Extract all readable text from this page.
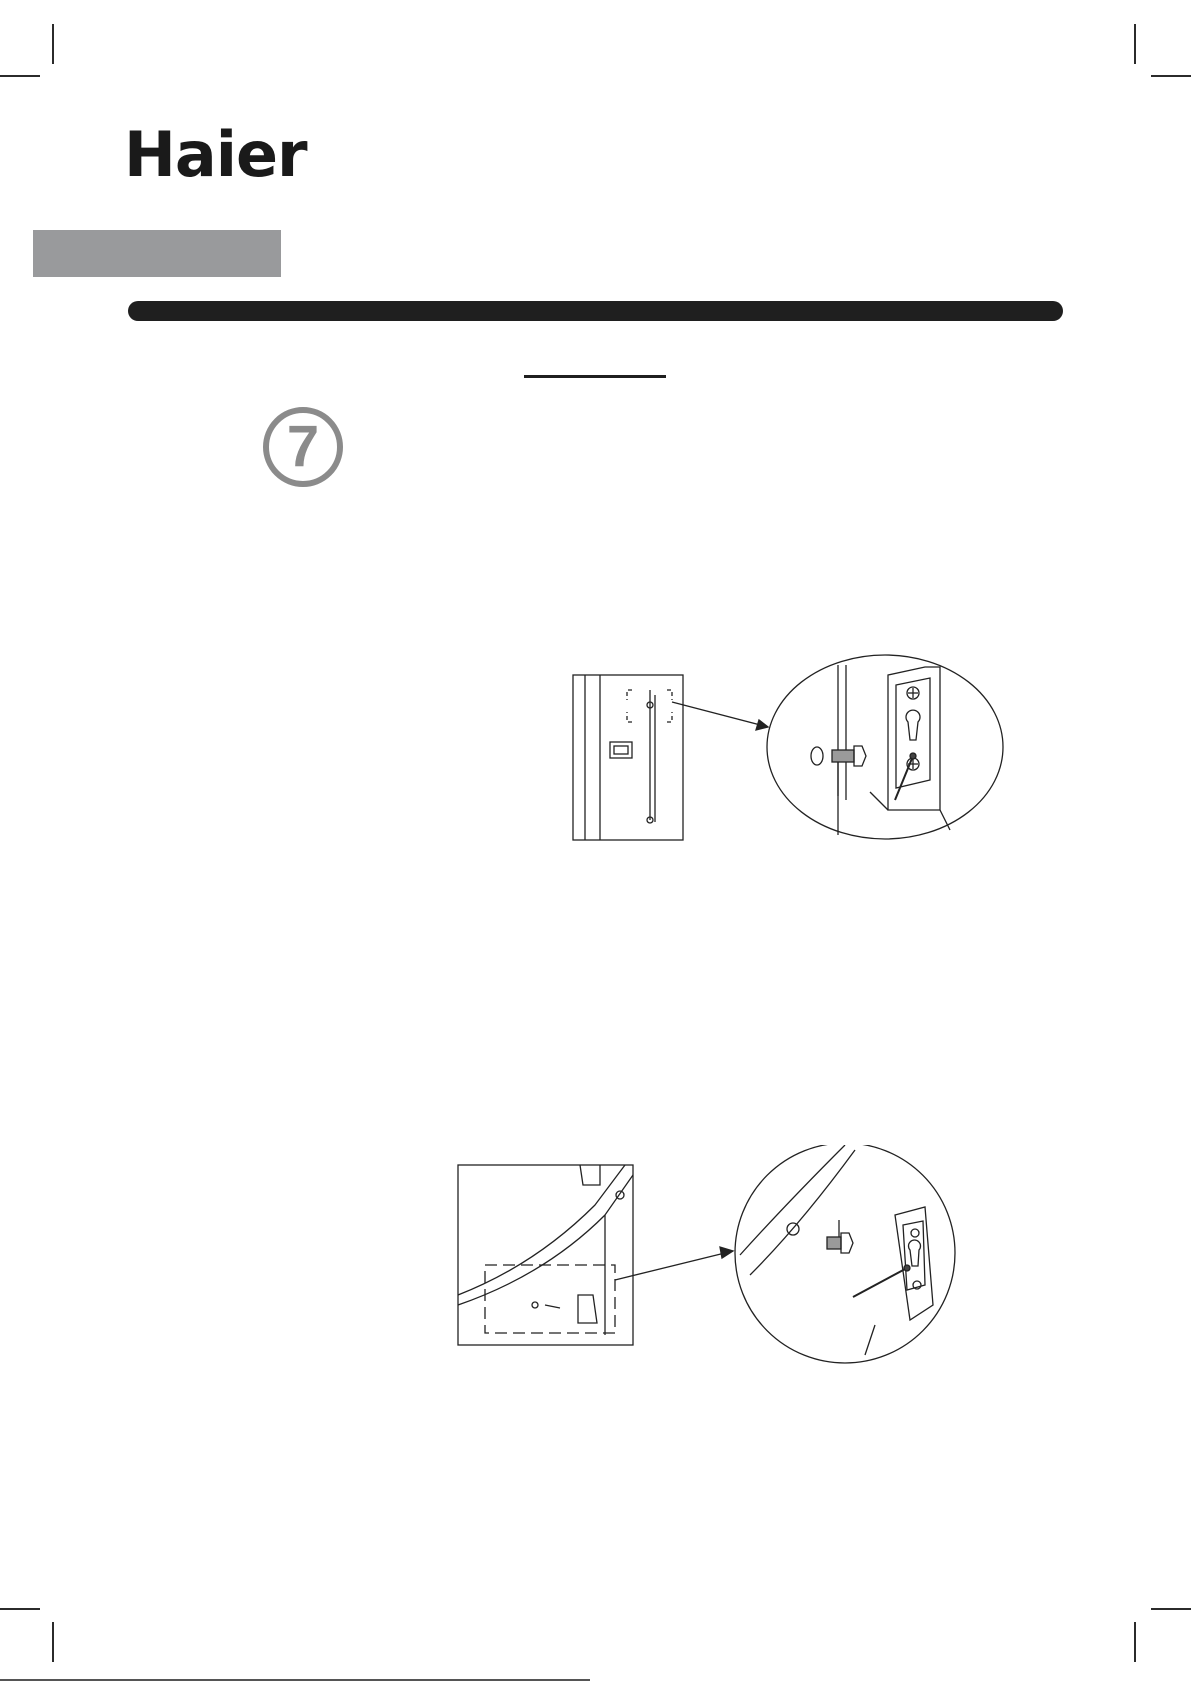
Haier
7
